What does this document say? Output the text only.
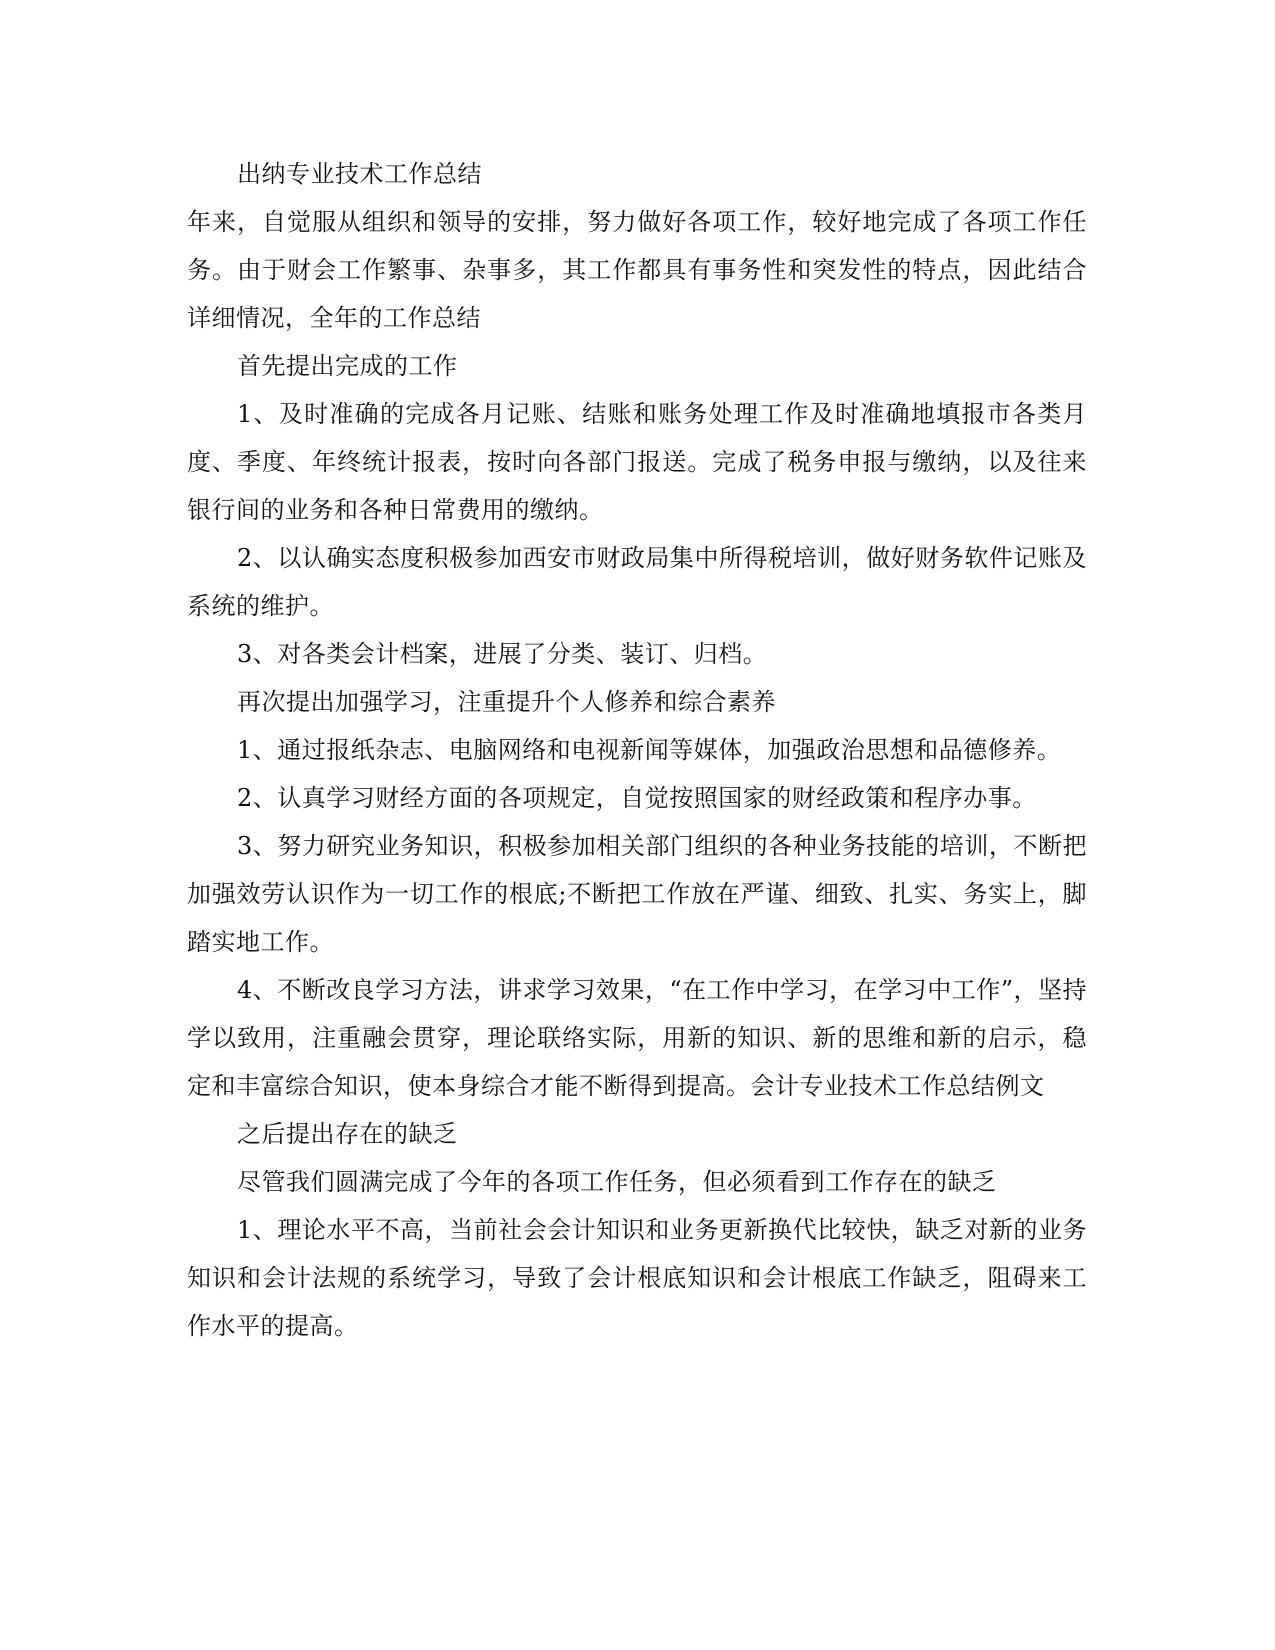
出纳专业技术工作总结

年来，自觉服从组织和领导的安排，努力做好各项工作，较好地完成了各项工作任务。由于财会工作繁事、杂事多，其工作都具有事务性和突发性的特点，因此结合详细情况，全年的工作总结

首先提出完成的工作

1、及时准确的完成各月记账、结账和账务处理工作及时准确地填报市各类月度、季度、年终统计报表，按时向各部门报送。完成了税务申报与缴纳，以及往来银行间的业务和各种日常费用的缴纳。

2、以认确实态度积极参加西安市财政局集中所得税培训，做好财务软件记账及系统的维护。

3、对各类会计档案，进展了分类、装订、归档。

再次提出加强学习，注重提升个人修养和综合素养

1、通过报纸杂志、电脑网络和电视新闻等媒体，加强政治思想和品德修养。

2、认真学习财经方面的各项规定，自觉按照国家的财经政策和程序办事。

3、努力研究业务知识，积极参加相关部门组织的各种业务技能的培训，不断把加强效劳认识作为一切工作的根底;不断把工作放在严谨、细致、扎实、务实上，脚踏实地工作。

4、不断改良学习方法，讲求学习效果，“在工作中学习，在学习中工作”，坚持学以致用，注重融会贯穿，理论联络实际，用新的知识、新的思维和新的启示，稳定和丰富综合知识，使本身综合才能不断得到提高。会计专业技术工作总结例文

之后提出存在的缺乏

尽管我们圆满完成了今年的各项工作任务，但必须看到工作存在的缺乏

1、理论水平不高，当前社会会计知识和业务更新换代比较快，缺乏对新的业务知识和会计法规的系统学习，导致了会计根底知识和会计根底工作缺乏，阻碍来工作水平的提高。
